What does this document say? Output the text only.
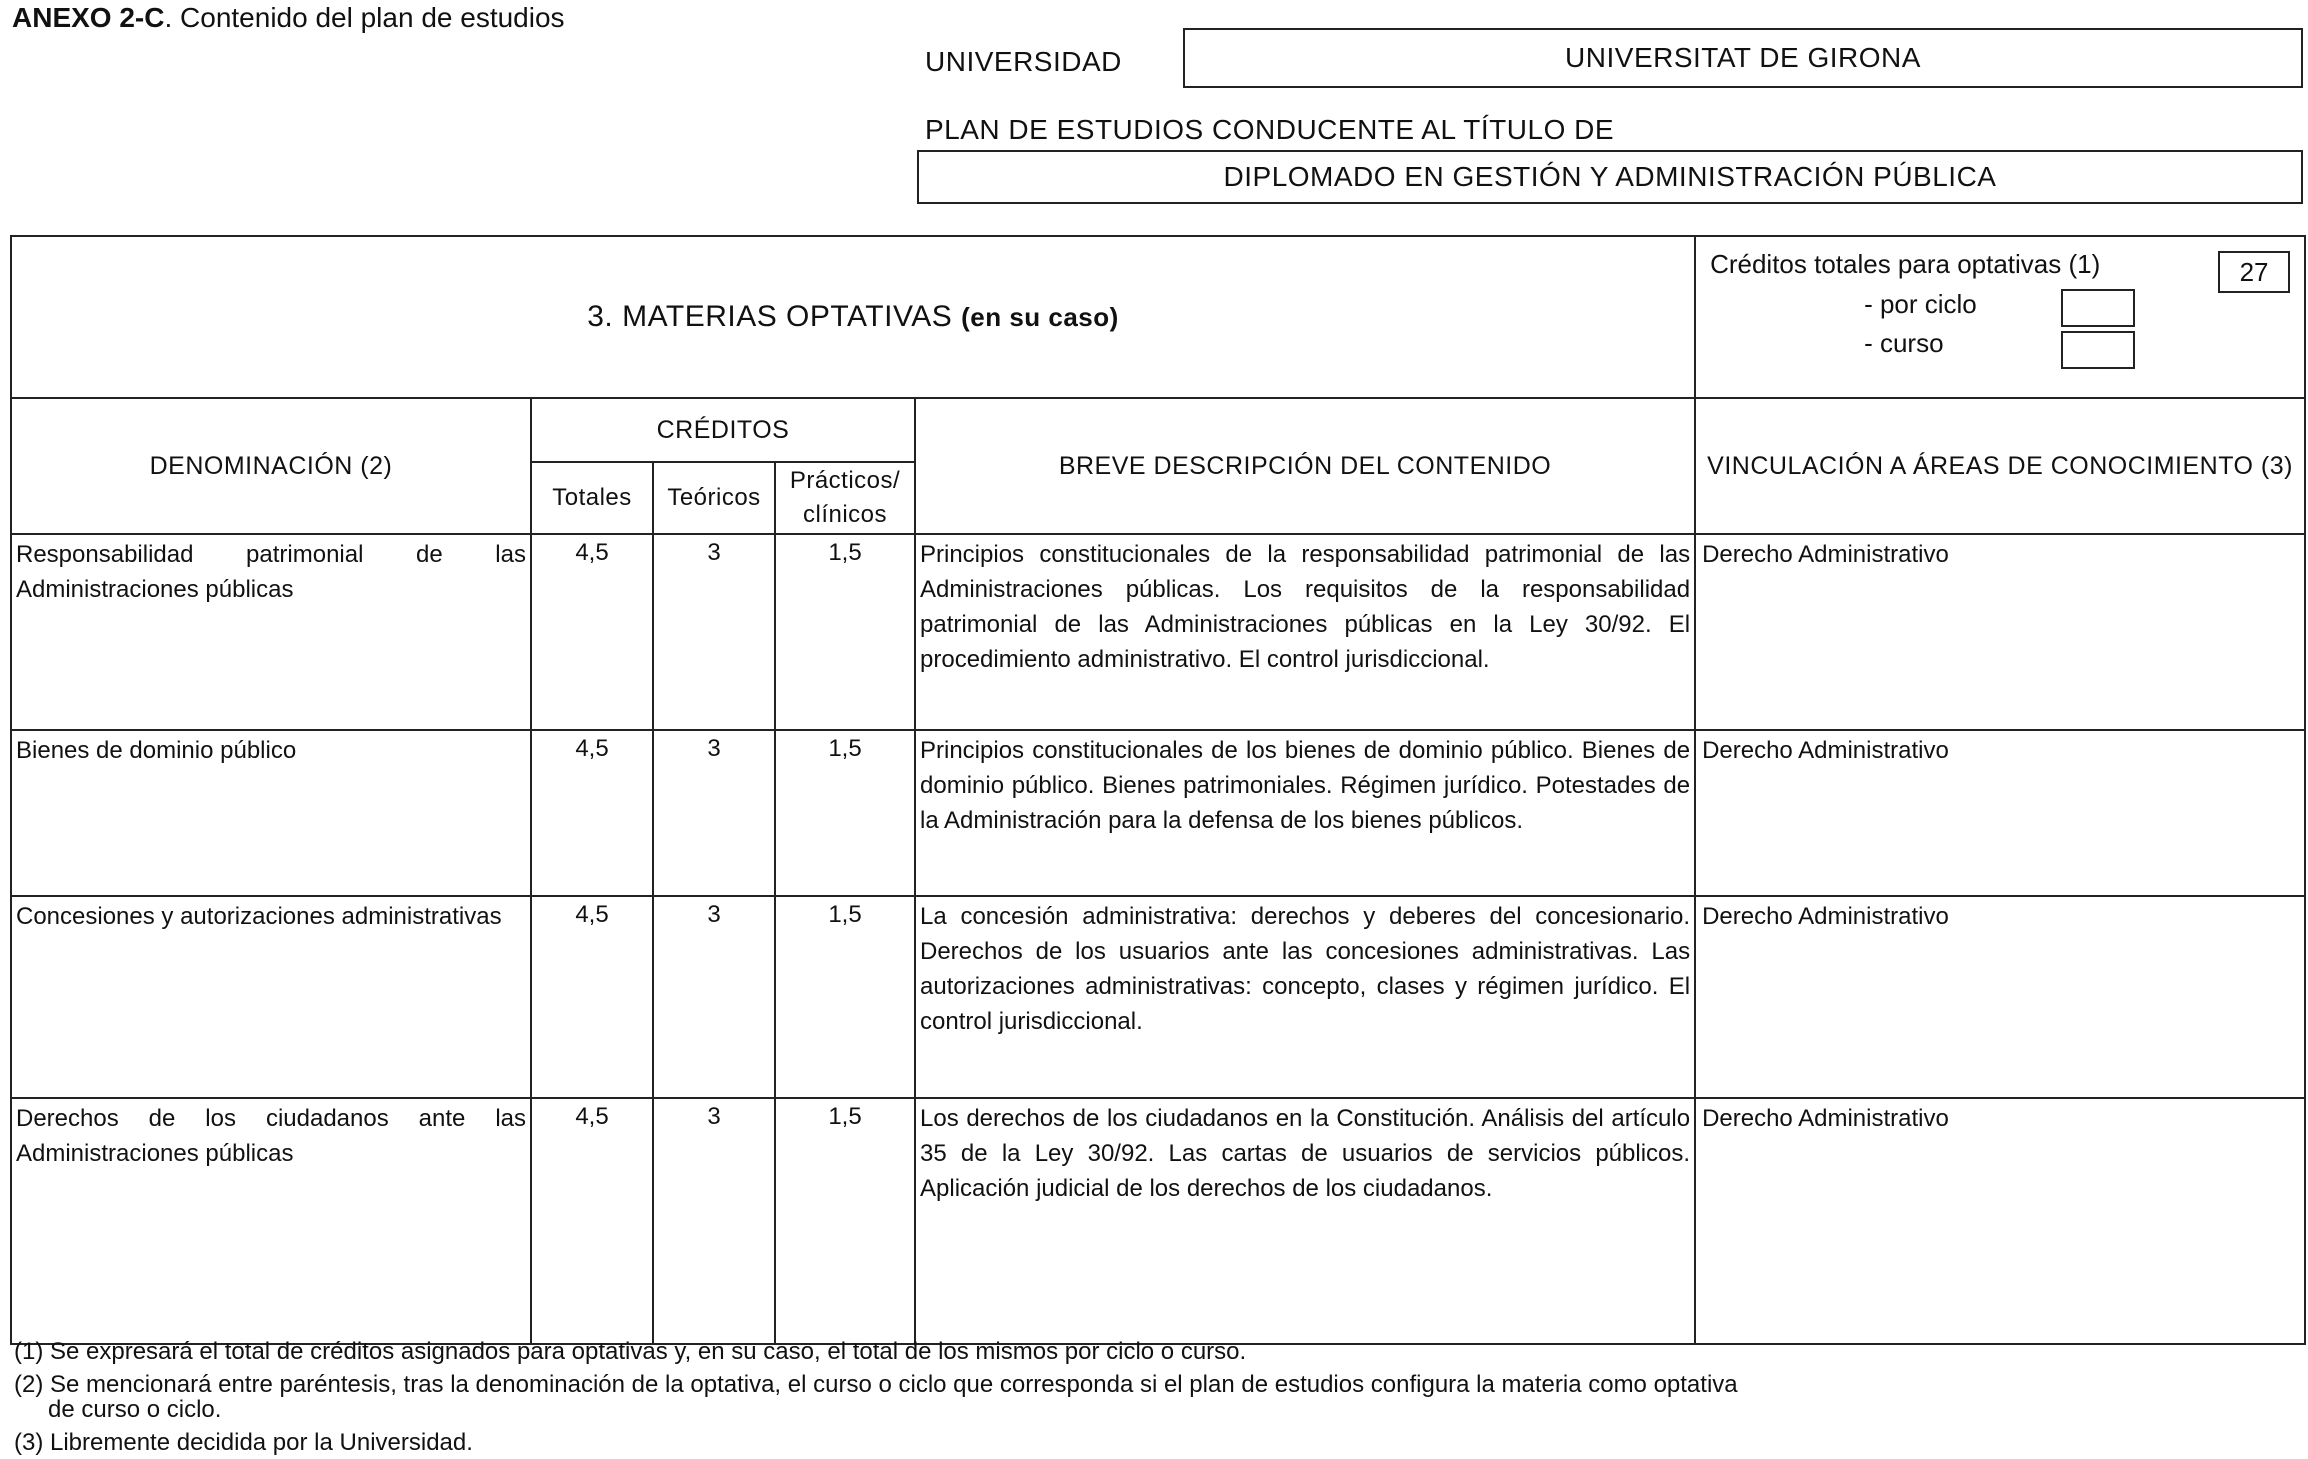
ANEXO 2-C. Contenido del plan de estudios
UNIVERSIDAD	UNIVERSITAT DE GIRONA
PLAN DE ESTUDIOS CONDUCENTE AL TÍTULO DE
DIPLOMADO EN GESTIÓN Y ADMINISTRACIÓN PÚBLICA
3. MATERIAS OPTATIVAS (en su caso)					Créditos totales para optativas (1) 27
- por ciclo
- curso

DENOMINACIÓN (2)	CRÉDITOS			BREVE DESCRIPCIÓN DEL CONTENIDO	VINCULACIÓN A ÁREAS DE CONOCIMIENTO (3)
	Totales	Teóricos	Prácticos/ clínicos		
Responsabilidad patrimonial de las Administraciones públicas	4,5	3	1,5	Principios constitucionales de la responsabilidad patrimonial de las Administraciones públicas. Los requisitos de la responsabilidad patrimonial de las Administraciones públicas en la Ley 30/92. El procedimiento administrativo. El control jurisdiccional.	Derecho Administrativo
Bienes de dominio público	4,5	3	1,5	Principios constitucionales de los bienes de dominio público. Bienes de dominio público. Bienes patrimoniales. Régimen jurídico. Potestades de la Administración para la defensa de los bienes públicos.	Derecho Administrativo
Concesiones y autorizaciones administrativas	4,5	3	1,5	La concesión administrativa: derechos y deberes del concesionario. Derechos de los usuarios ante las concesiones administrativas. Las autorizaciones administrativas: concepto, clases y régimen jurídico. El control jurisdiccional.	Derecho Administrativo
Derechos de los ciudadanos ante las Administraciones públicas	4,5	3	1,5	Los derechos de los ciudadanos en la Constitución. Análisis del artículo 35 de la Ley 30/92. Las cartas de usuarios de servicios públicos. Aplicación judicial de los derechos de los ciudadanos.	Derecho Administrativo
(1) Se expresará el total de créditos asignados para optativas y, en su caso, el total de los mismos por ciclo o curso.
(2) Se mencionará entre paréntesis, tras la denominación de la optativa, el curso o ciclo que corresponda si el plan de estudios configura la materia como optativa
de curso o ciclo.
(3) Libremente decidida por la Universidad.
